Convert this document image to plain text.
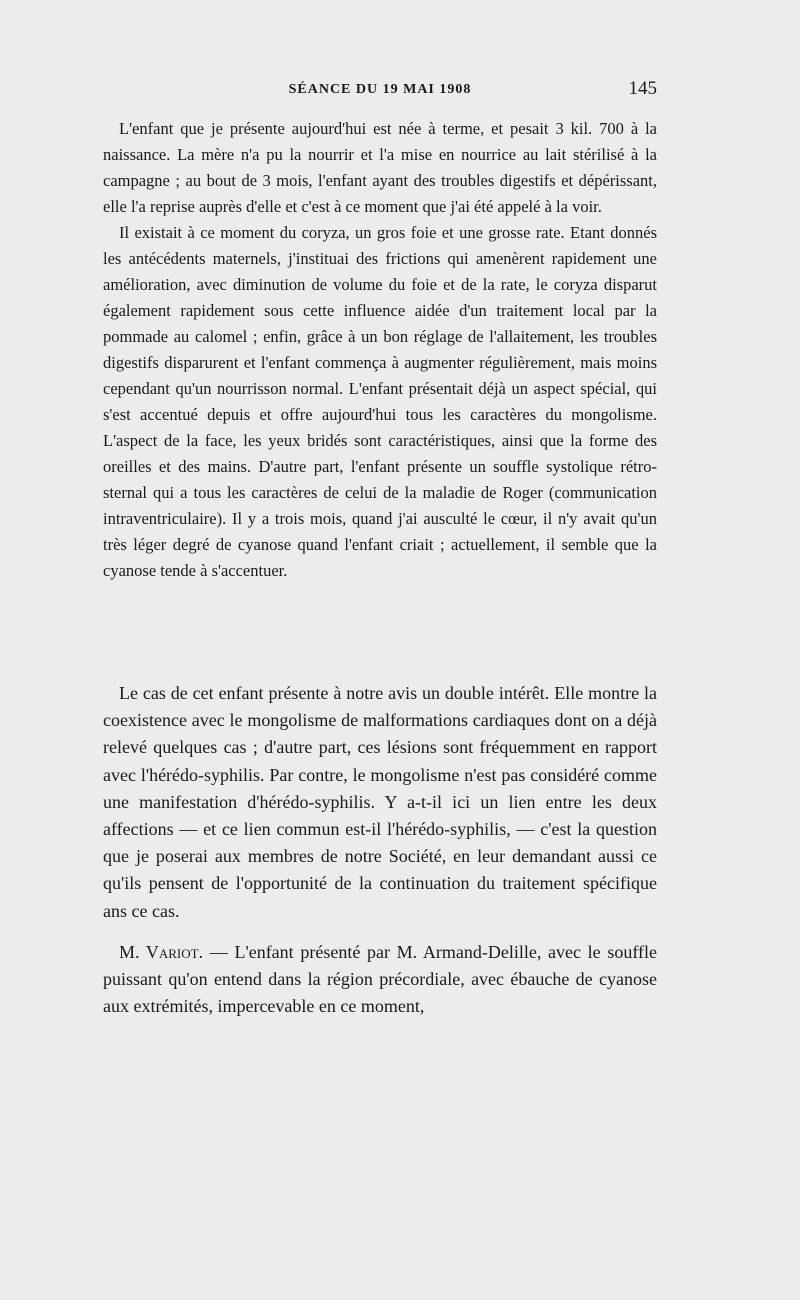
SÉANCE DU 19 MAI 1908	145

L'enfant que je présente aujourd'hui est née à terme, et pesait 3 kil. 700 à la naissance. La mère n'a pu la nourrir et l'a mise en nourrice au lait stérilisé à la campagne ; au bout de 3 mois, l'enfant ayant des troubles digestifs et dépérissant, elle l'a reprise auprès d'elle et c'est à ce moment que j'ai été appelé à la voir.

Il existait à ce moment du coryza, un gros foie et une grosse rate. Etant donnés les antécédents maternels, j'instituai des frictions qui amenèrent rapidement une amélioration, avec diminution de volume du foie et de la rate, le coryza disparut également rapidement sous cette influence aidée d'un traitement local par la pommade au calomel ; enfin, grâce à un bon réglage de l'allaitement, les troubles digestifs disparurent et l'enfant commença à augmenter régulièrement, mais moins cependant qu'un nourrisson normal. L'enfant présentait déjà un aspect spécial, qui s'est accentué depuis et offre aujourd'hui tous les caractères du mongolisme. L'aspect de la face, les yeux bridés sont caractéristiques, ainsi que la forme des oreilles et des mains. D'autre part, l'enfant présente un souffle systolique rétro-sternal qui a tous les caractères de celui de la maladie de Roger (communication intraventriculaire). Il y a trois mois, quand j'ai ausculté le cœur, il n'y avait qu'un très léger degré de cyanose quand l'enfant criait ; actuellement, il semble que la cyanose tende à s'accentuer.

Le cas de cet enfant présente à notre avis un double intérêt. Elle montre la coexistence avec le mongolisme de malformations cardiaques dont on a déjà relevé quelques cas ; d'autre part, ces lésions sont fréquemment en rapport avec l'hérédo-syphilis. Par contre, le mongolisme n'est pas considéré comme une manifestation d'hérédo-syphilis. Y a-t-il ici un lien entre les deux affections — et ce lien commun est-il l'hérédo-syphilis, — c'est la question que je poserai aux membres de notre Société, en leur demandant aussi ce qu'ils pensent de l'opportunité de la continuation du traitement spécifique ans ce cas.

M. Variot. — L'enfant présenté par M. Armand-Delille, avec le souffle puissant qu'on entend dans la région précordiale, avec ébauche de cyanose aux extrémités, impercevable en ce moment,
